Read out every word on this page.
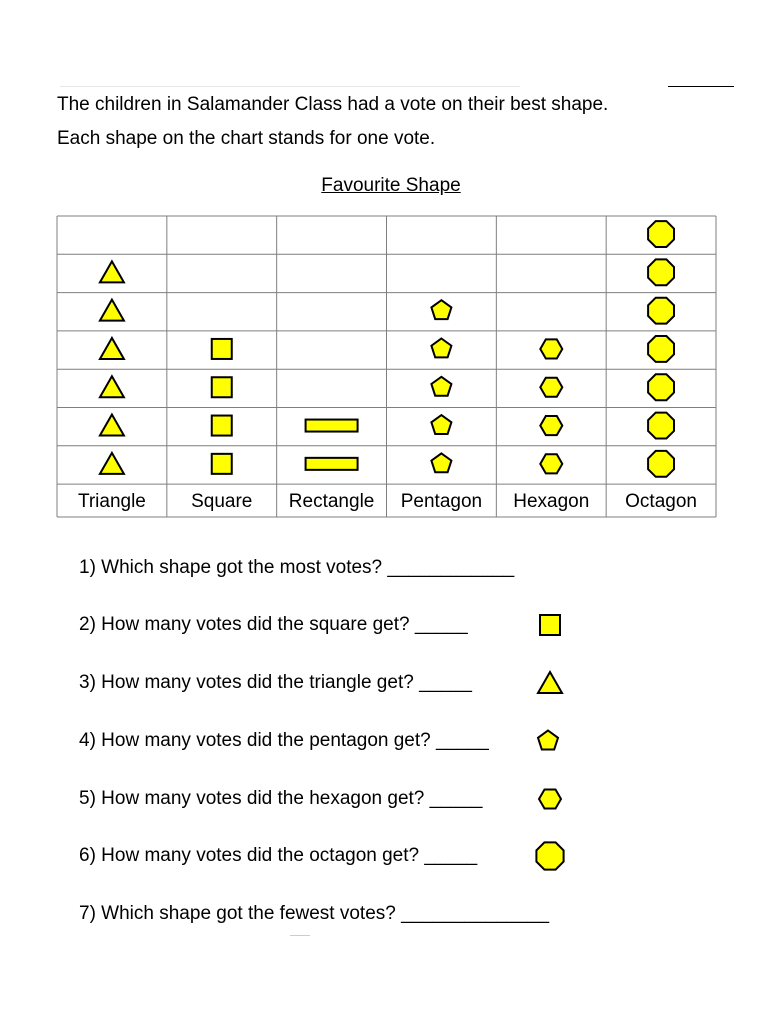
The children in Salamander Class had a vote on their best shape.
Each shape on the chart stands for one vote.
Favourite Shape
Triangle Square Rectangle Pentagon Hexagon Octagon
1) Which shape got the most votes? ____________
2) How many votes did the square get? _____
3) How many votes did the triangle get? _____
4) How many votes did the pentagon get? _____
5) How many votes did the hexagon get? _____
6) How many votes did the octagon get? _____
7) Which shape got the fewest votes? ______________
